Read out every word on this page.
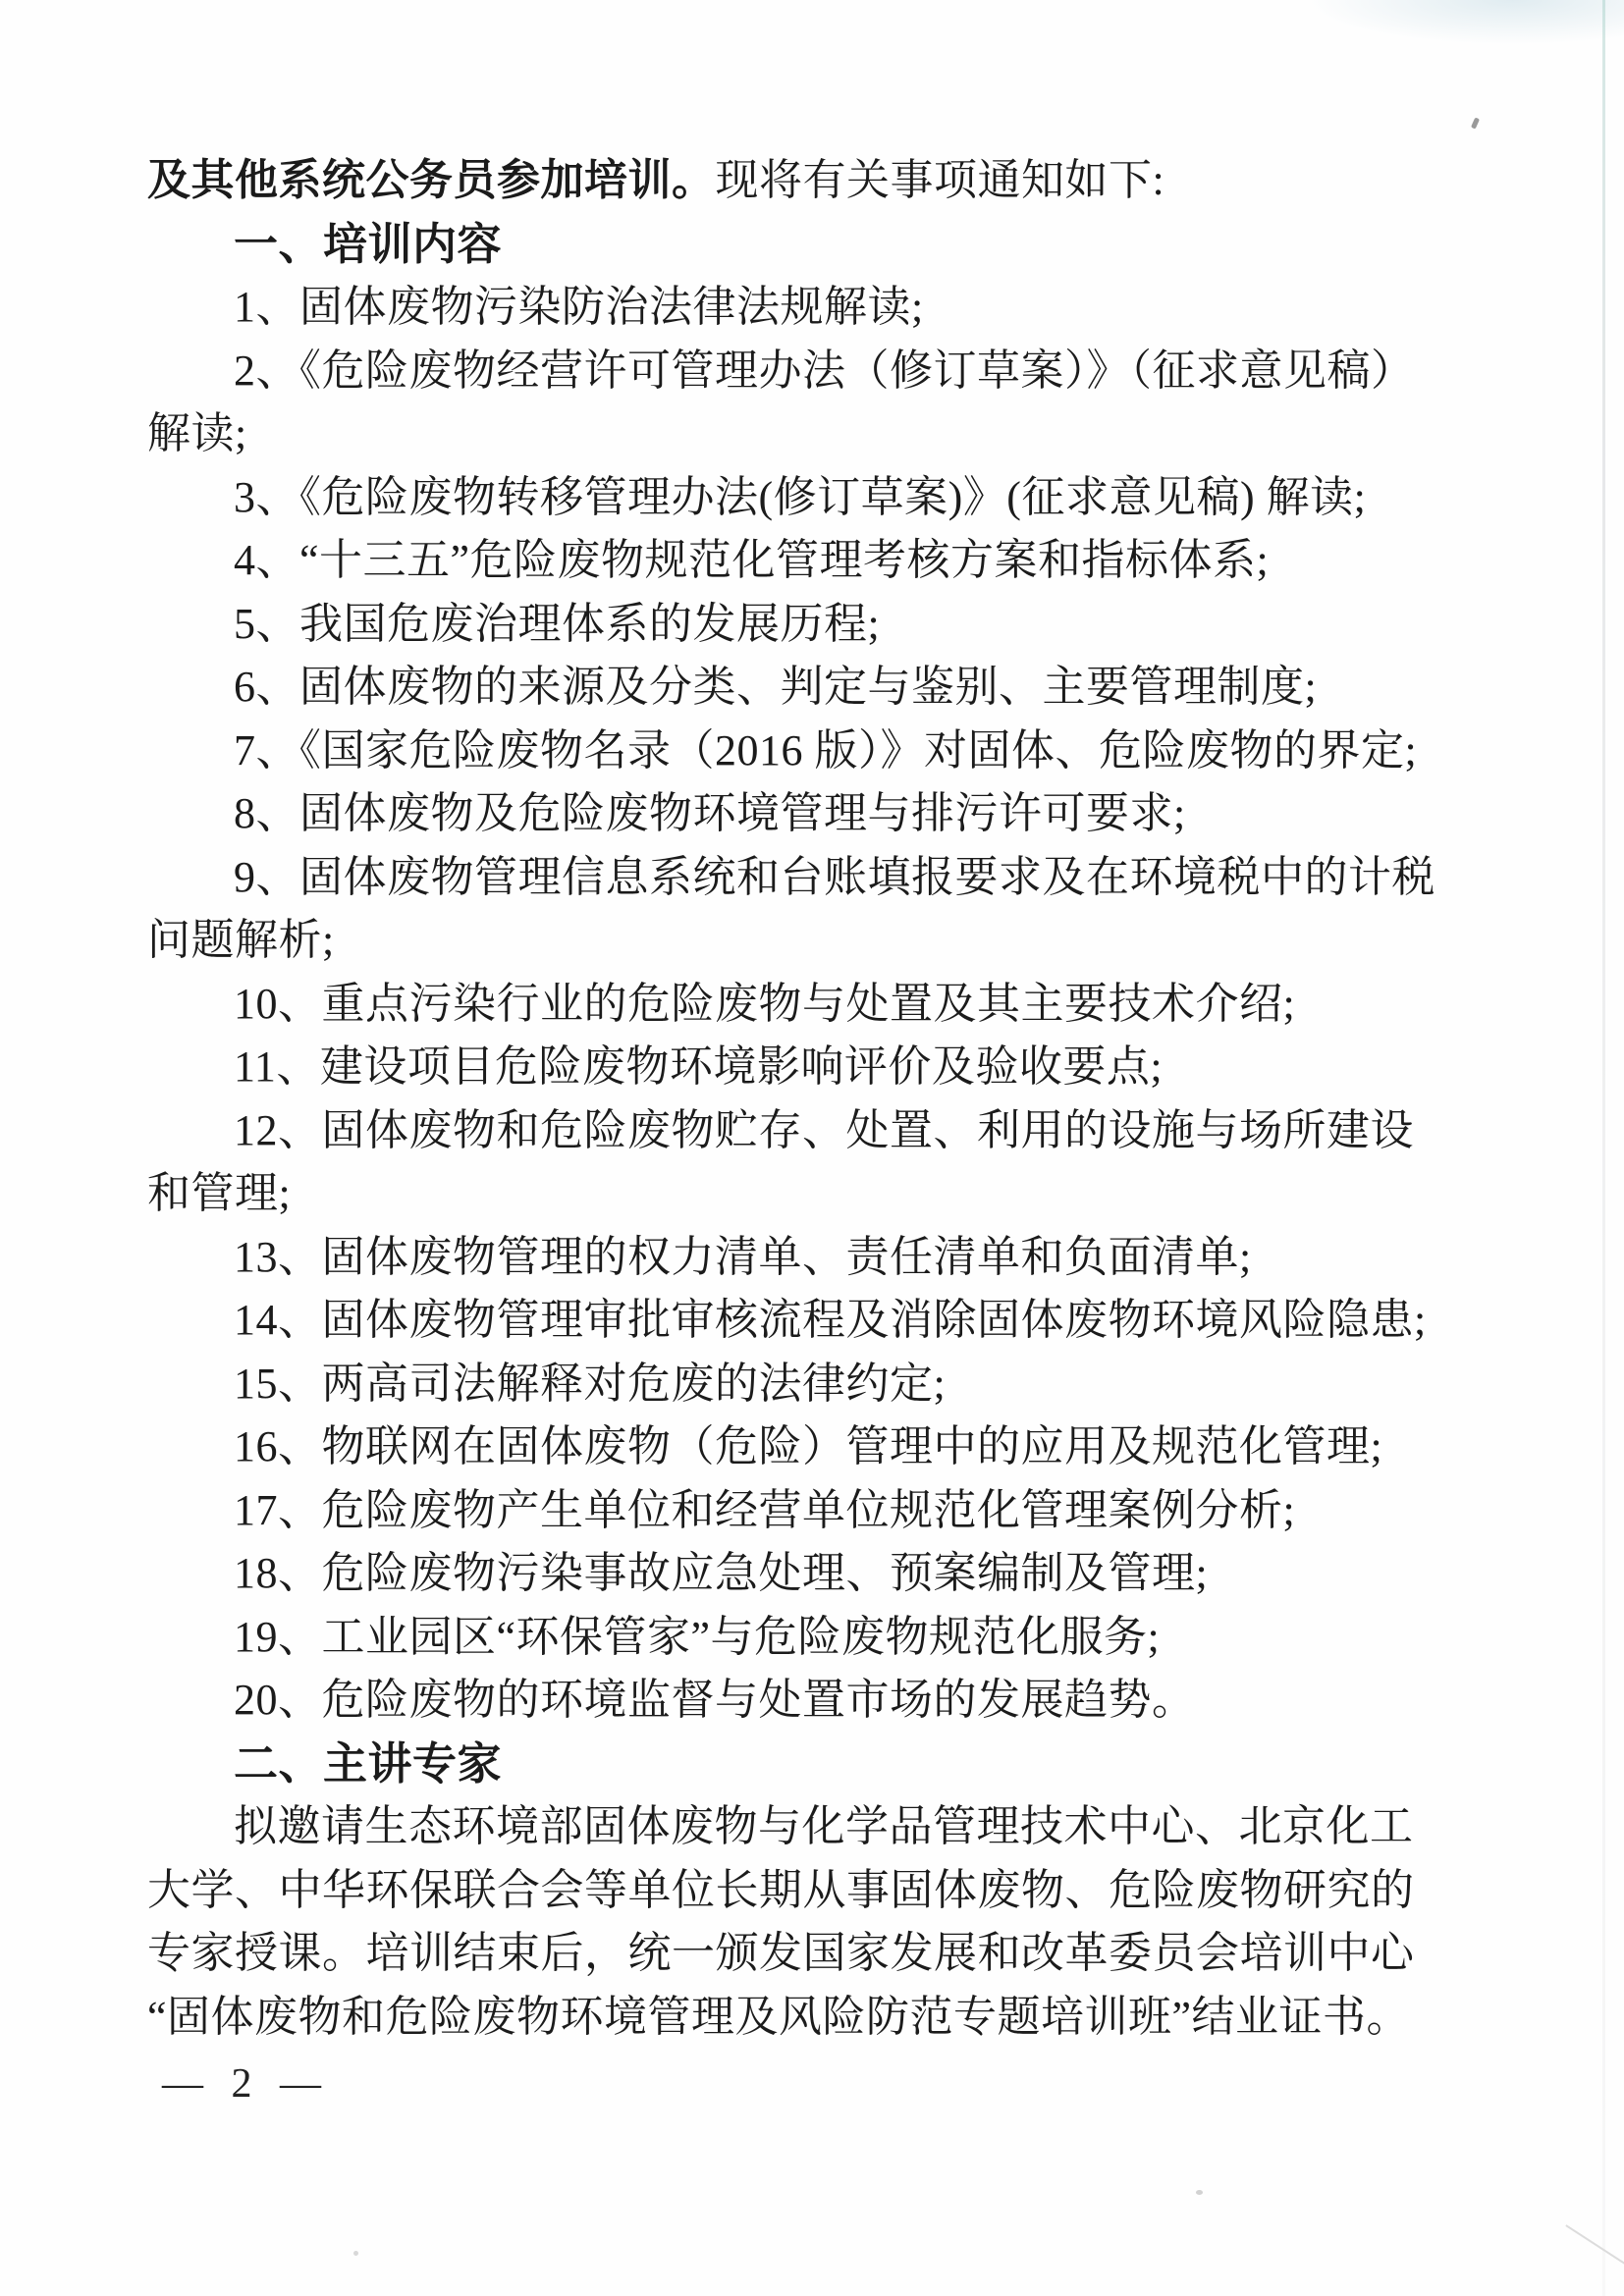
及其他系统公务员参加培训。现将有关事项通知如下:
一、培训内容
1、固体废物污染防治法律法规解读;
2、《危险废物经营许可管理办法（修订草案）》（征求意见稿）
解读;
3、《危险废物转移管理办法(修订草案)》(征求意见稿) 解读;
4、“十三五”危险废物规范化管理考核方案和指标体系;
5、我国危废治理体系的发展历程;
6、固体废物的来源及分类、判定与鉴别、主要管理制度;
7、《国家危险废物名录（2016 版）》对固体、危险废物的界定;
8、固体废物及危险废物环境管理与排污许可要求;
9、固体废物管理信息系统和台账填报要求及在环境税中的计税
问题解析;
10、重点污染行业的危险废物与处置及其主要技术介绍;
11、建设项目危险废物环境影响评价及验收要点;
12、固体废物和危险废物贮存、处置、利用的设施与场所建设
和管理;
13、固体废物管理的权力清单、责任清单和负面清单;
14、固体废物管理审批审核流程及消除固体废物环境风险隐患;
15、两高司法解释对危废的法律约定;
16、物联网在固体废物（危险）管理中的应用及规范化管理;
17、危险废物产生单位和经营单位规范化管理案例分析;
18、危险废物污染事故应急处理、预案编制及管理;
19、工业园区“环保管家”与危险废物规范化服务;
20、危险废物的环境监督与处置市场的发展趋势。
二、主讲专家
拟邀请生态环境部固体废物与化学品管理技术中心、北京化工
大学、中华环保联合会等单位长期从事固体废物、危险废物研究的
专家授课。培训结束后，统一颁发国家发展和改革委员会培训中心
“固体废物和危险废物环境管理及风险防范专题培训班”结业证书。
— 2 —
